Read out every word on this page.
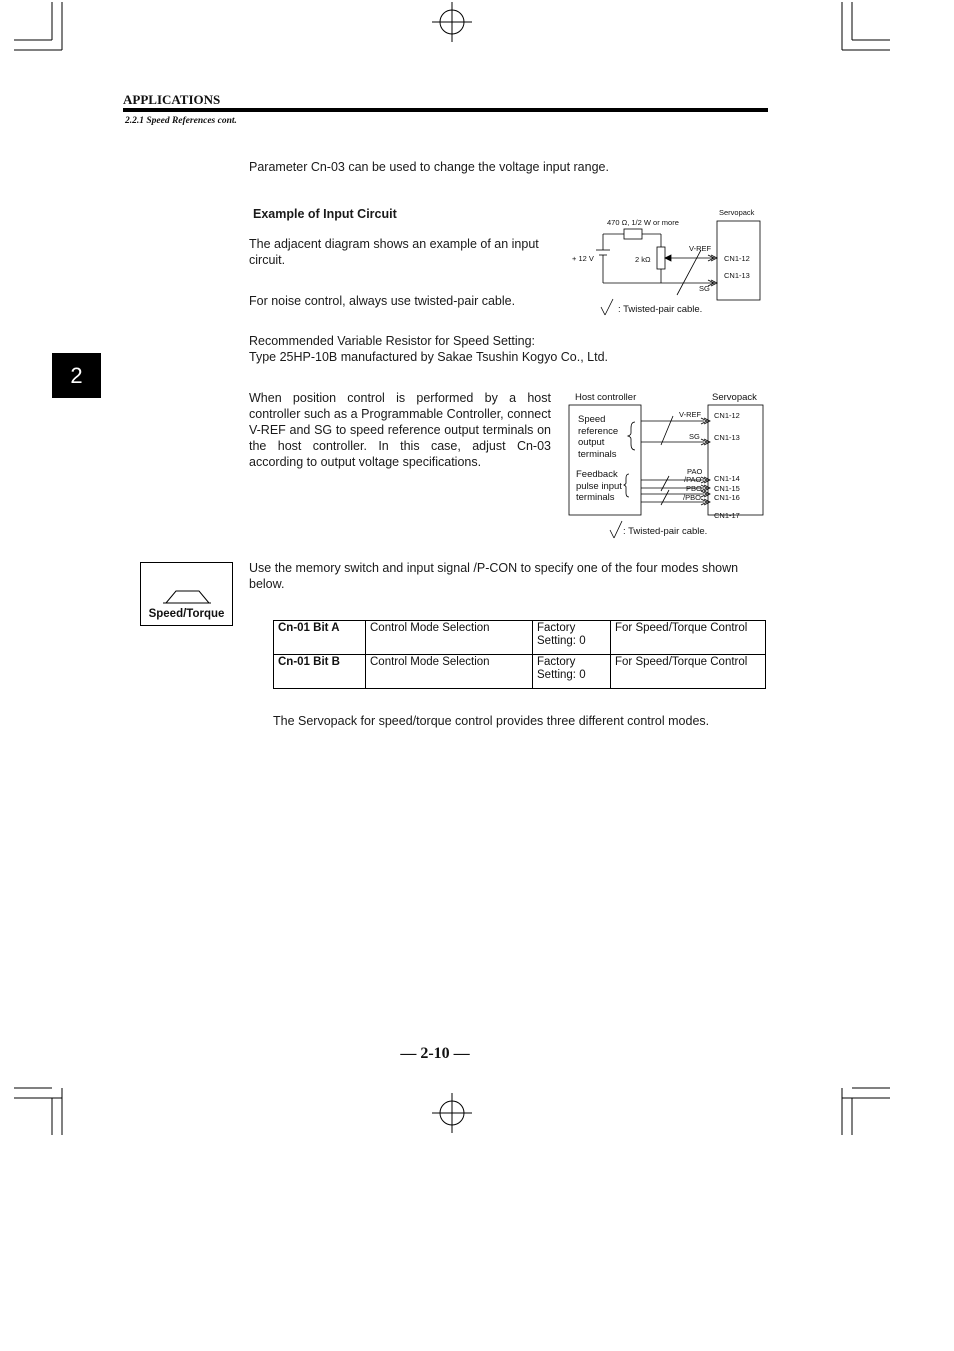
APPLICATIONS
2.2.1 Speed References cont.
2
Parameter Cn-03 can be used to change the voltage input range.
Example of Input Circuit
The adjacent diagram shows an example of an input circuit.
For noise control, always use twisted-pair cable.
Recommended Variable Resistor for Speed Setting:
Type 25HP-10B manufactured by Sakae Tsushin Kogyo Co., Ltd.
Servopack
470 Ω, 1/2 W or more
+ 12 V	2 kΩ
V-REF
SG
CN1-12
CN1-13
: Twisted-pair cable.
When position control is performed by a host controller such as a Programmable Controller, connect V-REF and SG to speed reference output terminals on the host controller. In this case, adjust Cn-03 according to output voltage specifications.
Host controller	Servopack
Speed
reference
output
terminals
Feedback
pulse input
terminals
CN1-17
V-REF
SG
PAO
/PAO
PBO
/PBO
CN1-12
CN1-13
CN1-14
CN1-15
CN1-16
: Twisted-pair cable.
Speed/Torque
Use the memory switch and input signal /P-CON to specify one of the four modes shown below.
Cn-01 Bit A	Control Mode Selection	Factory Setting: 0	For Speed/Torque Control
Cn-01 Bit B	Control Mode Selection	Factory Setting: 0	For Speed/Torque Control
The Servopack for speed/torque control provides three different control modes.
— 2-10 —
